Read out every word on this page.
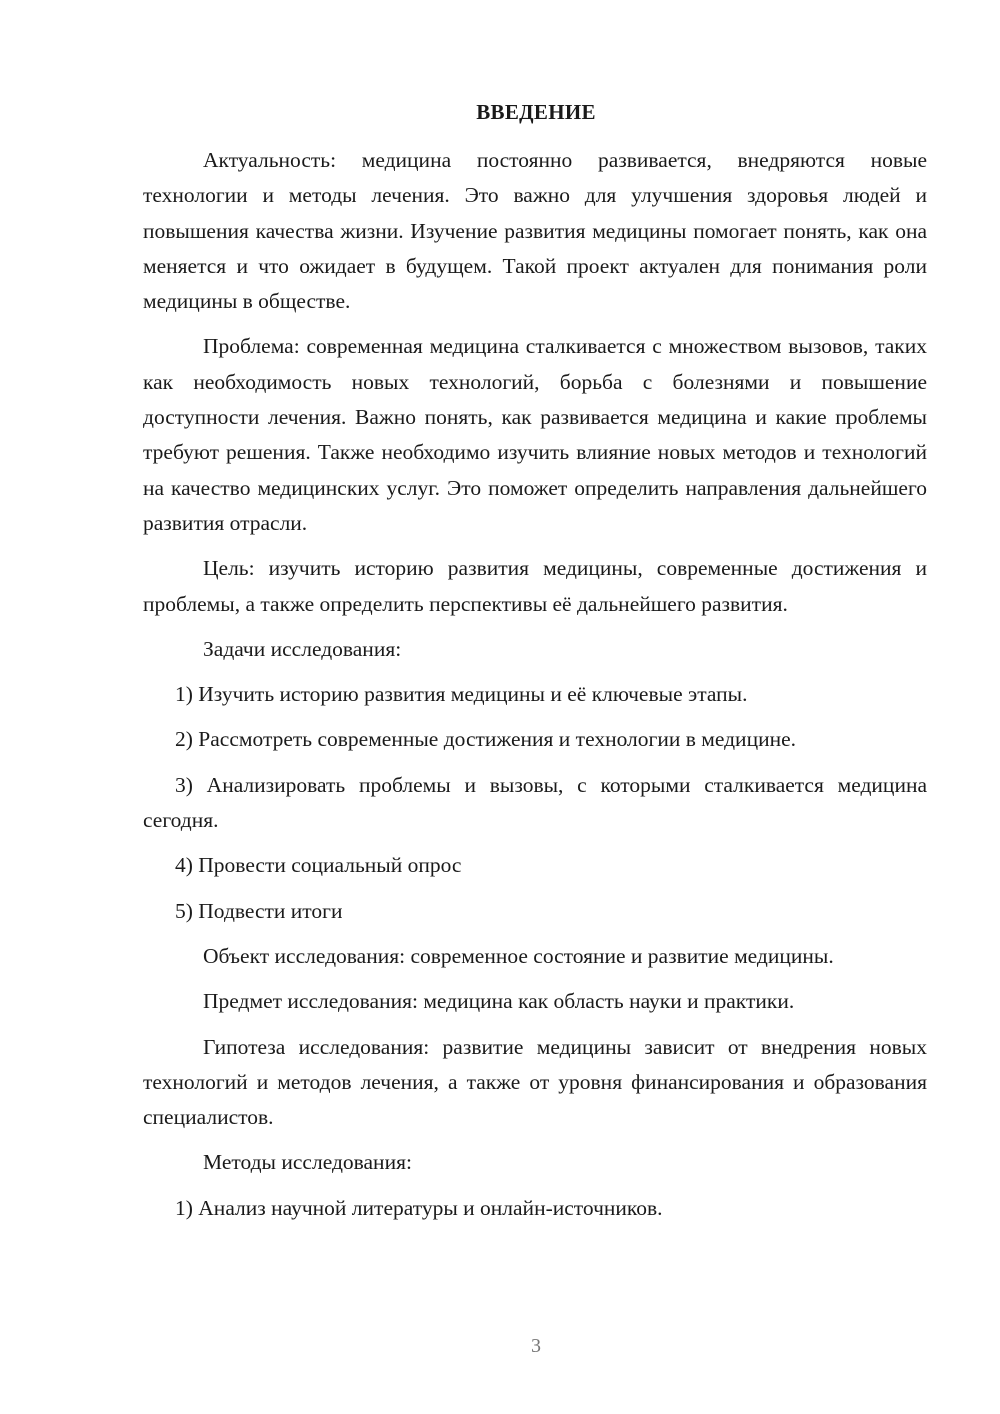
ВВЕДЕНИЕ

Актуальность: медицина постоянно развивается, внедряются новые технологии и методы лечения. Это важно для улучшения здоровья людей и повышения качества жизни. Изучение развития медицины помогает понять, как она меняется и что ожидает в будущем. Такой проект актуален для понимания роли медицины в обществе.

Проблема: современная медицина сталкивается с множеством вызовов, таких как необходимость новых технологий, борьба с болезнями и повышение доступности лечения. Важно понять, как развивается медицина и какие проблемы требуют решения. Также необходимо изучить влияние новых методов и технологий на качество медицинских услуг. Это поможет определить направления дальнейшего развития отрасли.

Цель: изучить историю развития медицины, современные достижения и проблемы, а также определить перспективы её дальнейшего развития.

Задачи исследования:

1) Изучить историю развития медицины и её ключевые этапы.

2) Рассмотреть современные достижения и технологии в медицине.

3) Анализировать проблемы и вызовы, с которыми сталкивается медицина сегодня.

4) Провести социальный опрос

5) Подвести итоги

Объект исследования: современное состояние и развитие медицины.

Предмет исследования: медицина как область науки и практики.

Гипотеза исследования: развитие медицины зависит от внедрения новых технологий и методов лечения, а также от уровня финансирования и образования специалистов.

Методы исследования:

1) Анализ научной литературы и онлайн-источников.

3
